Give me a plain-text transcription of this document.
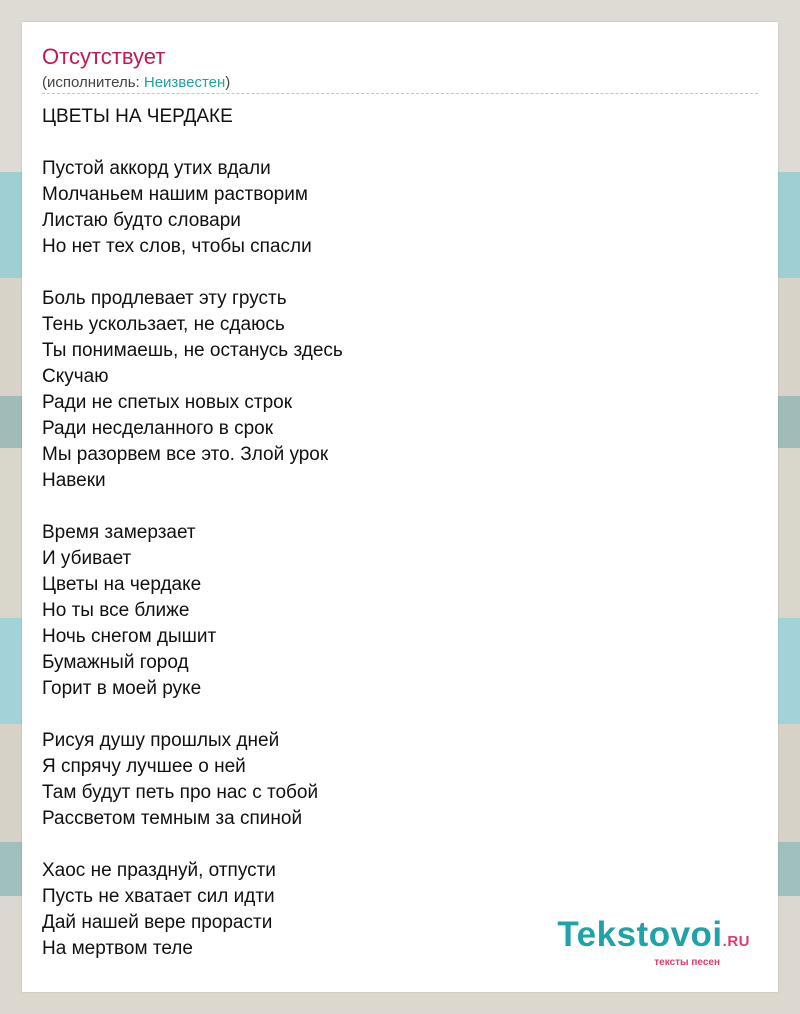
Отсутствует
(исполнитель: Неизвестен)
ЦВЕТЫ НА ЧЕРДАКЕ
Пустой аккорд утих вдали
Молчаньем нашим растворим
Листаю будто словари
Но нет тех слов, чтобы спасли
Боль продлевает эту грусть
Тень ускользает, не сдаюсь
Ты понимаешь, не останусь здесь
Скучаю
Ради не спетых новых строк
Ради несделанного в срок
Мы разорвем все это. Злой урок
Навеки
Время замерзает
И убивает
Цветы на чердаке
Но ты все ближе
Ночь снегом дышит
Бумажный город
Горит в моей руке
Рисуя душу прошлых дней
Я спрячу лучшее о ней
Там будут петь про нас с тобой
Рассветом темным за спиной
Хаос не празднуй, отпусти
Пусть не хватает сил идти
Дай нашей вере прорасти
На мертвом теле	Tekstovoi.RU
тексты песен
